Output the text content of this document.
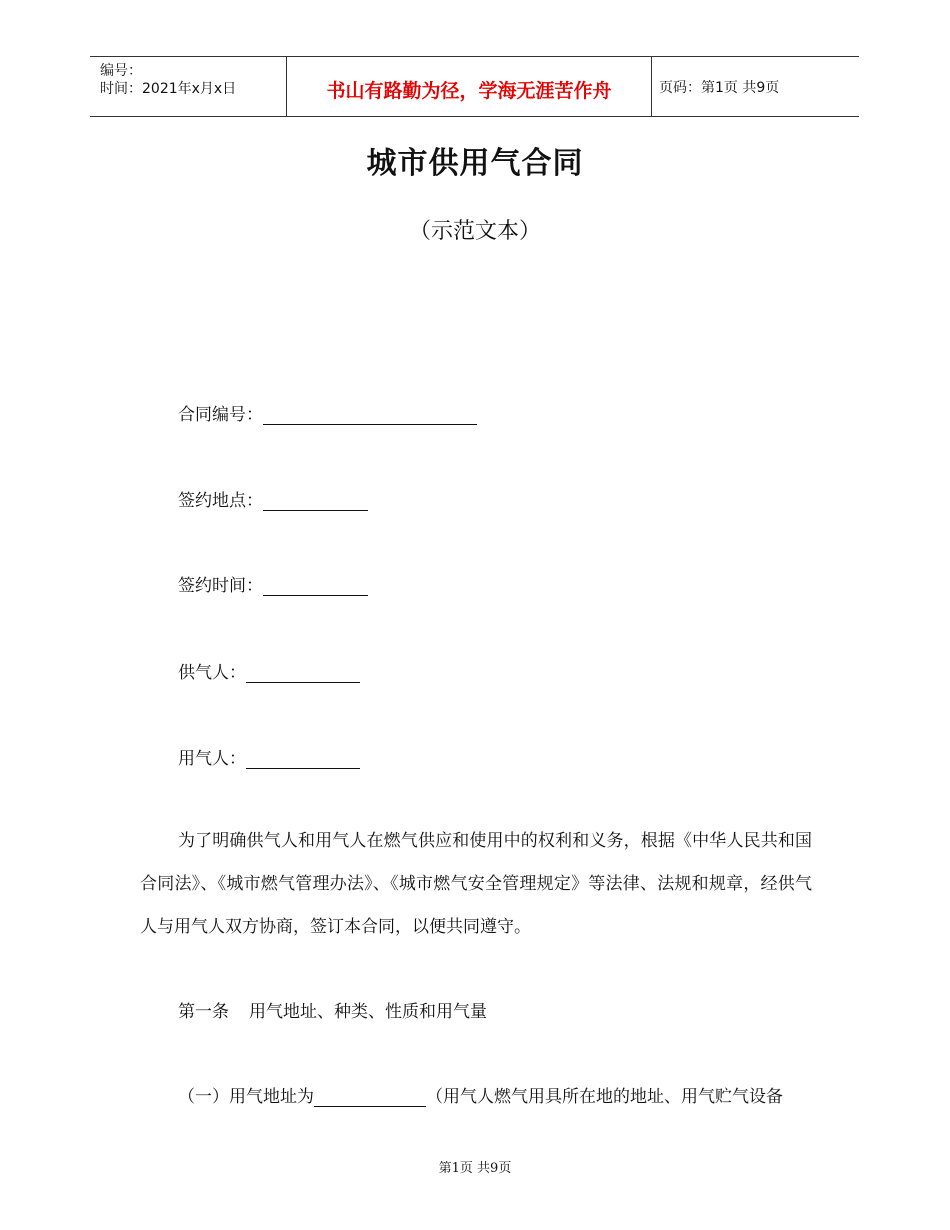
编号：
时间：2021年x月x日	书山有路勤为径，学海无涯苦作舟	页码：第1页 共9页
城市供用气合同
（示范文本）
合同编号：
签约地点：
签约时间：
供气人：
用气人：

为了明确供气人和用气人在燃气供应和使用中的权利和义务，根据《中华人民共和国合同法》、《城市燃气管理办法》、《城市燃气安全管理规定》等法律、法规和规章，经供气人与用气人双方协商，签订本合同，以便共同遵守。

第一条 用气地址、种类、性质和用气量
（一）用气地址为	（用气人燃气用具所在地的地址、用气贮气设备
第1页 共9页
